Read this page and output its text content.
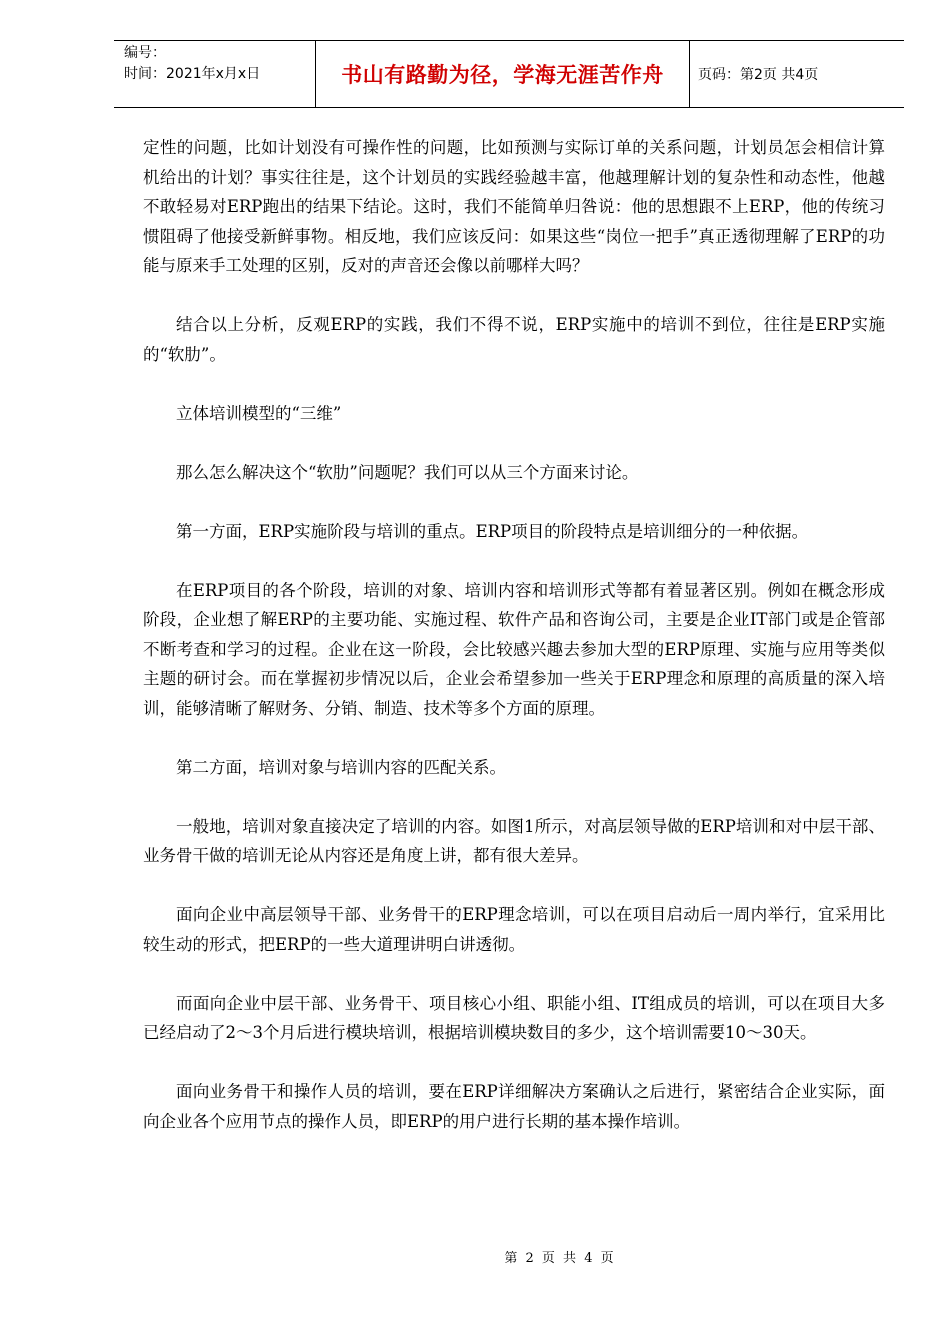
编号：
时间：2021年x月x日	书山有路勤为径，学海无涯苦作舟 页码：第2页 共4页

定性的问题，比如计划没有可操作性的问题，比如预测与实际订单的关系问题，计划员怎会相信计算机给出的计划？事实往往是，这个计划员的实践经验越丰富，他越理解计划的复杂性和动态性，他越不敢轻易对ERP跑出的结果下结论。这时，我们不能简单归咎说：他的思想跟不上ERP，他的传统习惯阻碍了他接受新鲜事物。相反地，我们应该反问：如果这些“岗位一把手”真正透彻理解了ERP的功能与原来手工处理的区别，反对的声音还会像以前哪样大吗？

结合以上分析，反观ERP的实践，我们不得不说，ERP实施中的培训不到位，往往是ERP实施的“软肋”。

立体培训模型的“三维”

那么怎么解决这个“软肋”问题呢？我们可以从三个方面来讨论。

第一方面，ERP实施阶段与培训的重点。ERP项目的阶段特点是培训细分的一种依据。

在ERP项目的各个阶段，培训的对象、培训内容和培训形式等都有着显著区别。例如在概念形成阶段，企业想了解ERP的主要功能、实施过程、软件产品和咨询公司，主要是企业IT部门或是企管部不断考查和学习的过程。企业在这一阶段，会比较感兴趣去参加大型的ERP原理、实施与应用等类似主题的研讨会。而在掌握初步情况以后，企业会希望参加一些关于ERP理念和原理的高质量的深入培训，能够清晰了解财务、分销、制造、技术等多个方面的原理。

第二方面，培训对象与培训内容的匹配关系。

一般地，培训对象直接决定了培训的内容。如图1所示，对高层领导做的ERP培训和对中层干部、业务骨干做的培训无论从内容还是角度上讲，都有很大差异。

面向企业中高层领导干部、业务骨干的ERP理念培训，可以在项目启动后一周内举行，宜采用比较生动的形式，把ERP的一些大道理讲明白讲透彻。

而面向企业中层干部、业务骨干、项目核心小组、职能小组、IT组成员的培训，可以在项目大多已经启动了2～3个月后进行模块培训，根据培训模块数目的多少，这个培训需要10～30天。

面向业务骨干和操作人员的培训，要在ERP详细解决方案确认之后进行，紧密结合企业实际，面向企业各个应用节点的操作人员，即ERP的用户进行长期的基本操作培训。

第 2 页 共 4 页
